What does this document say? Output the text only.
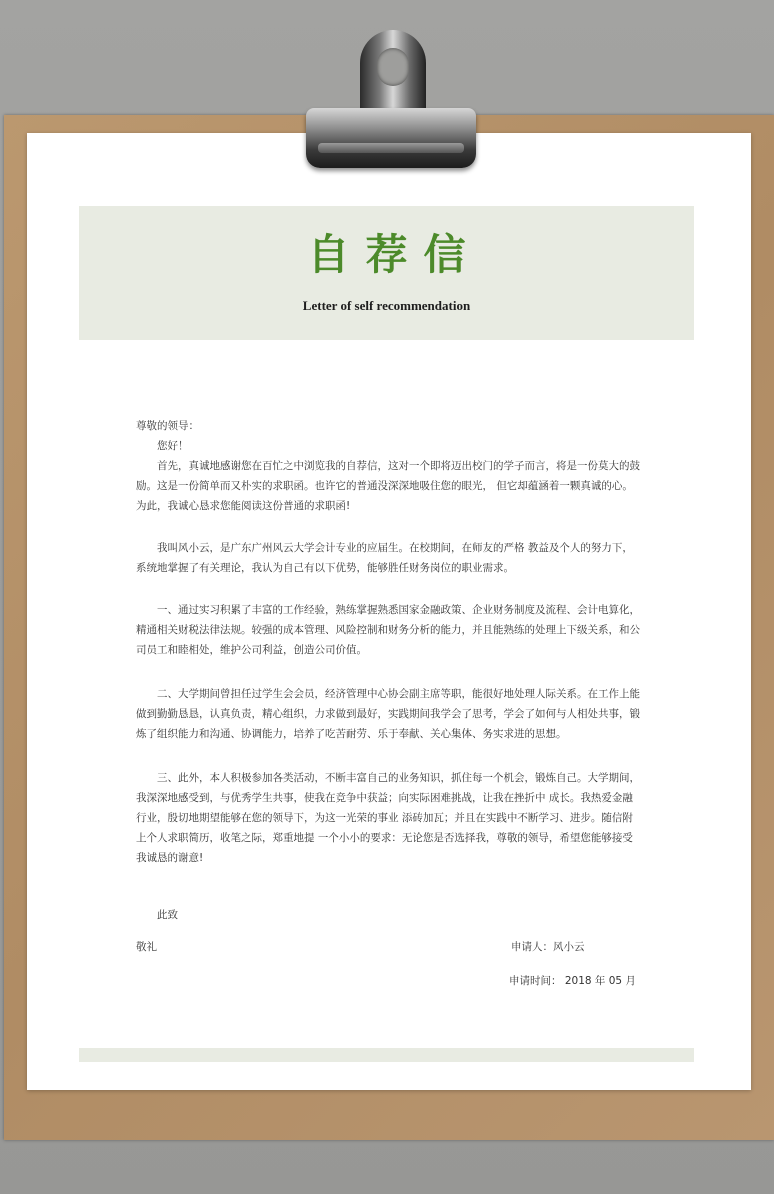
自荐信
Letter of self recommendation

尊敬的领导：

您好！

首先，真诚地感谢您在百忙之中浏览我的自荐信，这对一个即将迈出校门的学子而言，将是一份莫大的鼓励。这是一份简单而又朴实的求职函。也许它的普通没深深地吸住您的眼光， 但它却蕴涵着一颗真诚的心。为此，我诚心恳求您能阅读这份普通的求职函!

我叫风小云，是广东广州风云大学会计专业的应届生。在校期间，在师友的严格 教益及个人的努力下，系统地掌握了有关理论，我认为自己有以下优势，能够胜任财务岗位的职业需求。

一、通过实习积累了丰富的工作经验，熟练掌握熟悉国家金融政策、企业财务制度及流程、会计电算化，精通相关财税法律法规。较强的成本管理、风险控制和财务分析的能力，并且能熟练的处理上下级关系，和公司员工和睦相处，维护公司利益，创造公司价值。

二、大学期间曾担任过学生会会员，经济管理中心协会副主席等职，能很好地处理人际关系。在工作上能做到勤勤恳恳，认真负责，精心组织，力求做到最好，实践期间我学会了思考，学会了如何与人相处共事，锻炼了组织能力和沟通、协调能力，培养了吃苦耐劳、乐于奉献、关心集体、务实求进的思想。

三、此外，本人积极参加各类活动，不断丰富自己的业务知识，抓住每一个机会，锻炼自己。大学期间，我深深地感受到，与优秀学生共事，使我在竞争中获益；向实际困难挑战，让我在挫折中 成长。我热爱金融行业，殷切地期望能够在您的领导下，为这一光荣的事业 添砖加瓦；并且在实践中不断学习、进步。随信附上个人求职简历，收笔之际，郑重地提 一个小小的要求：无论您是否选择我，尊敬的领导，希望您能够接受我诚恳的谢意!

此致
敬礼	申请人：风小云
申请时间： 2018 年 05 月
